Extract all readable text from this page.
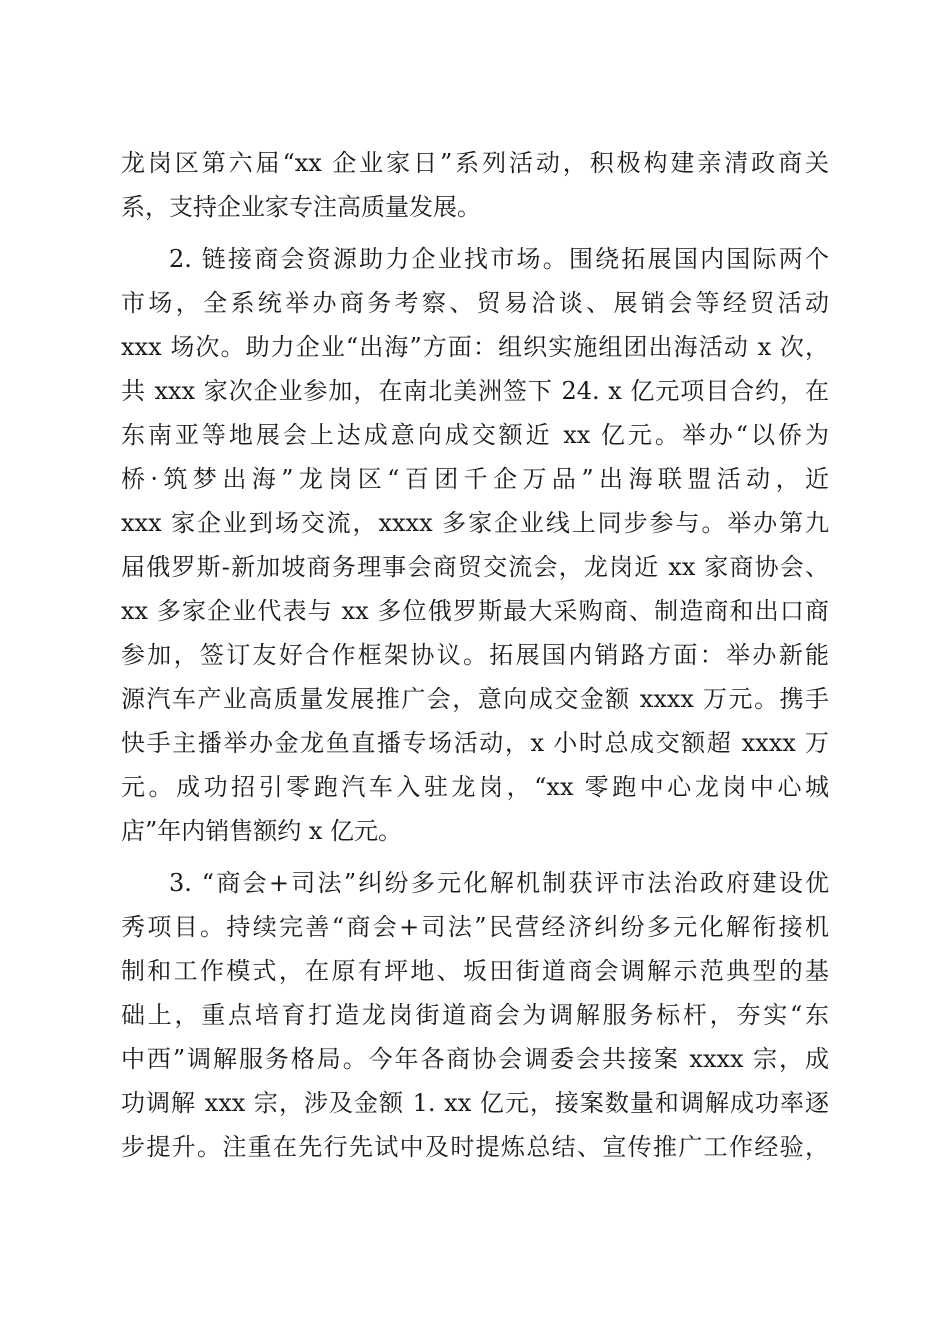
龙岗区第六届“xx 企业家日”系列活动，积极构建亲清政商关
系，支持企业家专注高质量发展。
2. 链接商会资源助力企业找市场。围绕拓展国内国际两个
市场，全系统举办商务考察、贸易洽谈、展销会等经贸活动
xxx 场次。助力企业“出海”方面：组织实施组团出海活动 x 次，
共 xxx 家次企业参加，在南北美洲签下 24. x 亿元项目合约，在
东南亚等地展会上达成意向成交额近 xx 亿元。举办“以侨为
桥·筑梦出海”龙岗区“百团千企万品”出海联盟活动，近
xxx 家企业到场交流，xxxx 多家企业线上同步参与。举办第九
届俄罗斯-新加坡商务理事会商贸交流会，龙岗近 xx 家商协会、
xx 多家企业代表与 xx 多位俄罗斯最大采购商、制造商和出口商
参加，签订友好合作框架协议。拓展国内销路方面：举办新能
源汽车产业高质量发展推广会，意向成交金额 xxxx 万元。携手
快手主播举办金龙鱼直播专场活动，x 小时总成交额超 xxxx 万
元。成功招引零跑汽车入驻龙岗，“xx 零跑中心龙岗中心城
店”年内销售额约 x 亿元。
3. “商会+司法”纠纷多元化解机制获评市法治政府建设优
秀项目。持续完善“商会+司法”民营经济纠纷多元化解衔接机
制和工作模式，在原有坪地、坂田街道商会调解示范典型的基
础上，重点培育打造龙岗街道商会为调解服务标杆，夯实“东
中西”调解服务格局。今年各商协会调委会共接案 xxxx 宗，成
功调解 xxx 宗，涉及金额 1. xx 亿元，接案数量和调解成功率逐
步提升。注重在先行先试中及时提炼总结、宣传推广工作经验，
